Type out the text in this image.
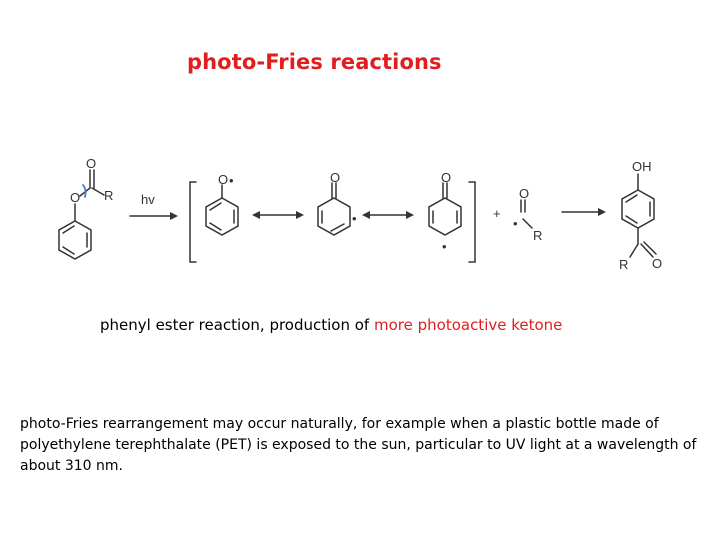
photo-Fries reactions
O
O R hv
O •	O
•
O
•
+
O
•
R
OH
R O

phenyl ester reaction, production of more photoactive ketone

photo-Fries rearrangement may occur naturally, for example when a plastic bottle made of polyethylene terephthalate (PET) is exposed to the sun, particular to UV light at a wavelength of about 310 nm.
